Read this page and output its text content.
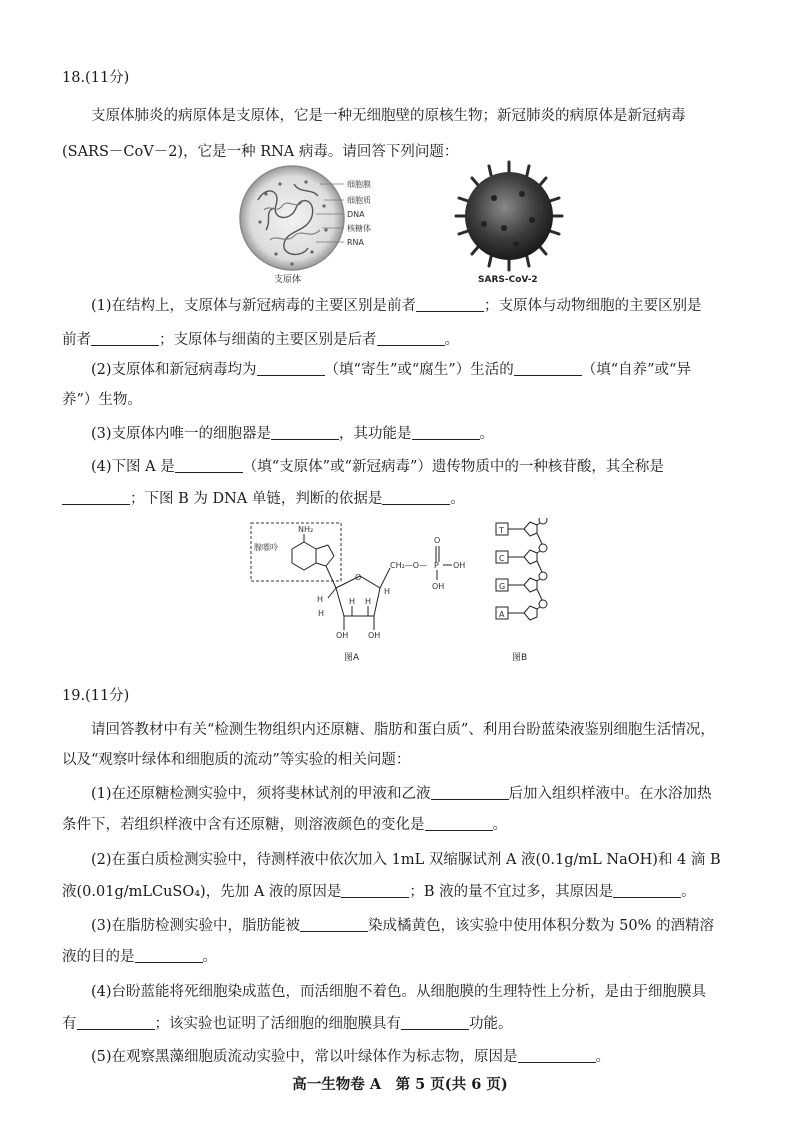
18.(11分)
支原体肺炎的病原体是支原体，它是一种无细胞壁的原核生物；新冠肺炎的病原体是新冠病毒
(SARS－CoV－2)，它是一种 RNA 病毒。请回答下列问题：
细胞膜
细胞质
DNA
核糖体
RNA
支原体	SARS-CoV-2
(1)在结构上，支原体与新冠病毒的主要区别是前者	；支原体与动物细胞的主要区别是
前者	；支原体与细菌的主要区别是后者	。
(2)支原体和新冠病毒均为	（填“寄生”或“腐生”）生活的	（填“自养”或“异
养”）生物。
(3)支原体内唯一的细胞器是	，其功能是	。
(4)下图 A 是	（填“支原体”或“新冠病毒”）遗传物质中的一种核苷酸，其全称是
；下图 B 为 DNA 单链，判断的依据是	。
腺嘌呤
NH₂
O
H
H
H H
H
OH OH
CH₂—O— P
O
OH
OH
图A
T
C
G
A
图B
19.(11分)
请回答教材中有关“检测生物组织内还原糖、脂肪和蛋白质”、利用台盼蓝染液鉴别细胞生活情况，
以及“观察叶绿体和细胞质的流动”等实验的相关问题：
(1)在还原糖检测实验中，须将斐林试剂的甲液和乙液	后加入组织样液中。在水浴加热
条件下，若组织样液中含有还原糖，则溶液颜色的变化是	。
(2)在蛋白质检测实验中，待测样液中依次加入 1mL 双缩脲试剂 A 液(0.1g/mL NaOH)和 4 滴 B
液(0.01g/mLCuSO₄)，先加 A 液的原因是	；B 液的量不宜过多，其原因是	。
(3)在脂肪检测实验中，脂肪能被	染成橘黄色，该实验中使用体积分数为 50% 的酒精溶
液的目的是	。
(4)台盼蓝能将死细胞染成蓝色，而活细胞不着色。从细胞膜的生理特性上分析，是由于细胞膜具
有	；该实验也证明了活细胞的细胞膜具有	功能。
(5)在观察黑藻细胞质流动实验中，常以叶绿体作为标志物，原因是	。
高一生物卷 A　第 5 页(共 6 页)
